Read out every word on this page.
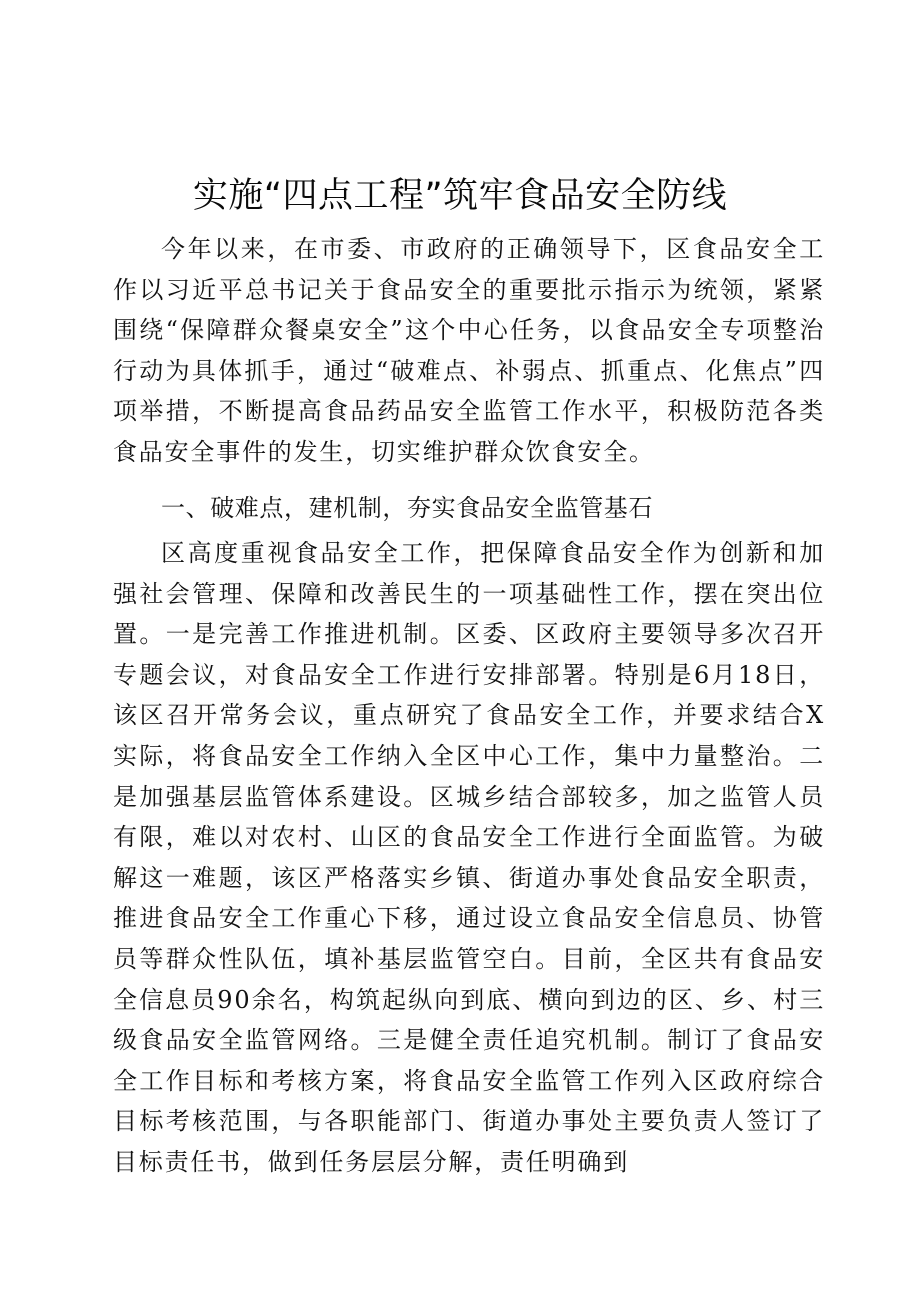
实施“四点工程”筑牢食品安全防线

今年以来，在市委、市政府的正确领导下，区食品安全工作以习近平总书记关于食品安全的重要批示指示为统领，紧紧围绕“保障群众餐桌安全”这个中心任务，以食品安全专项整治行动为具体抓手，通过“破难点、补弱点、抓重点、化焦点”四项举措，不断提高食品药品安全监管工作水平，积极防范各类食品安全事件的发生，切实维护群众饮食安全。

一、破难点，建机制，夯实食品安全监管基石

区高度重视食品安全工作，把保障食品安全作为创新和加强社会管理、保障和改善民生的一项基础性工作，摆在突出位置。一是完善工作推进机制。区委、区政府主要领导多次召开专题会议，对食品安全工作进行安排部署。特别是6月18日，该区召开常务会议，重点研究了食品安全工作，并要求结合X实际，将食品安全工作纳入全区中心工作，集中力量整治。二是加强基层监管体系建设。区城乡结合部较多，加之监管人员有限，难以对农村、山区的食品安全工作进行全面监管。为破解这一难题，该区严格落实乡镇、街道办事处食品安全职责，推进食品安全工作重心下移，通过设立食品安全信息员、协管员等群众性队伍，填补基层监管空白。目前，全区共有食品安全信息员90余名，构筑起纵向到底、横向到边的区、乡、村三级食品安全监管网络。三是健全责任追究机制。制订了食品安全工作目标和考核方案，将食品安全监管工作列入区政府综合目标考核范围，与各职能部门、街道办事处主要负责人签订了目标责任书，做到任务层层分解，责任明确到
